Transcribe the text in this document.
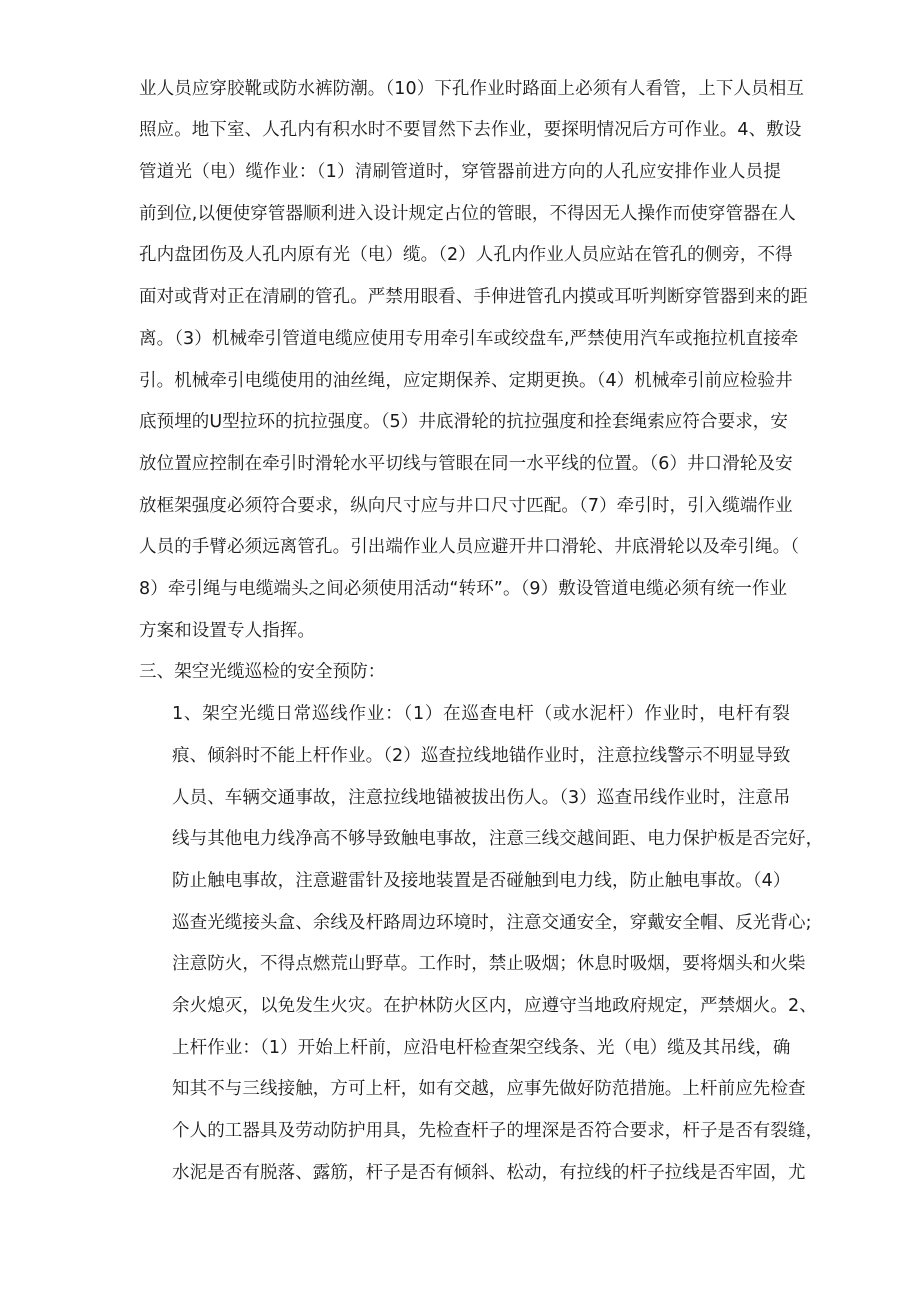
业人员应穿胶靴或防水裤防潮。（10）下孔作业时路面上必须有人看管，上下人员相互
照应。地下室、人孔内有积水时不要冒然下去作业，要探明情况后方可作业。4、敷设
管道光（电）缆作业：（1）清刷管道时，穿管器前进方向的人孔应安排作业人员提
前到位,以便使穿管器顺利进入设计规定占位的管眼，不得因无人操作而使穿管器在人
孔内盘团伤及人孔内原有光（电）缆。（2）人孔内作业人员应站在管孔的侧旁，不得
面对或背对正在清刷的管孔。严禁用眼看、手伸进管孔内摸或耳听判断穿管器到来的距
离。（3）机械牵引管道电缆应使用专用牵引车或绞盘车,严禁使用汽车或拖拉机直接牵
引。机械牵引电缆使用的油丝绳，应定期保养、定期更换。（4）机械牵引前应检验井
底预埋的U型拉环的抗拉强度。（5）井底滑轮的抗拉强度和拴套绳索应符合要求，安
放位置应控制在牵引时滑轮水平切线与管眼在同一水平线的位置。（6）井口滑轮及安
放框架强度必须符合要求，纵向尺寸应与井口尺寸匹配。（7）牵引时，引入缆端作业
人员的手臂必须远离管孔。引出端作业人员应避开井口滑轮、井底滑轮以及牵引绳。（
8）牵引绳与电缆端头之间必须使用活动“转环”。（9）敷设管道电缆必须有统一作业
方案和设置专人指挥。
三、架空光缆巡检的安全预防：
1、架空光缆日常巡线作业：（1）在巡查电杆（或水泥杆）作业时，电杆有裂
痕、倾斜时不能上杆作业。（2）巡查拉线地锚作业时，注意拉线警示不明显导致
人员、车辆交通事故，注意拉线地锚被拔出伤人。（3）巡查吊线作业时，注意吊
线与其他电力线净高不够导致触电事故，注意三线交越间距、电力保护板是否完好，
防止触电事故，注意避雷针及接地装置是否碰触到电力线，防止触电事故。（4）
巡查光缆接头盒、余线及杆路周边环境时，注意交通安全，穿戴安全帽、反光背心;
注意防火，不得点燃荒山野草。工作时，禁止吸烟；休息时吸烟，要将烟头和火柴
余火熄灭，以免发生火灾。在护林防火区内，应遵守当地政府规定，严禁烟火。2、
上杆作业：（1）开始上杆前，应沿电杆检查架空线条、光（电）缆及其吊线，确
知其不与三线接触，方可上杆，如有交越，应事先做好防范措施。上杆前应先检查
个人的工器具及劳动防护用具，先检查杆子的埋深是否符合要求，杆子是否有裂缝，
水泥是否有脱落、露筋，杆子是否有倾斜、松动，有拉线的杆子拉线是否牢固，尤
